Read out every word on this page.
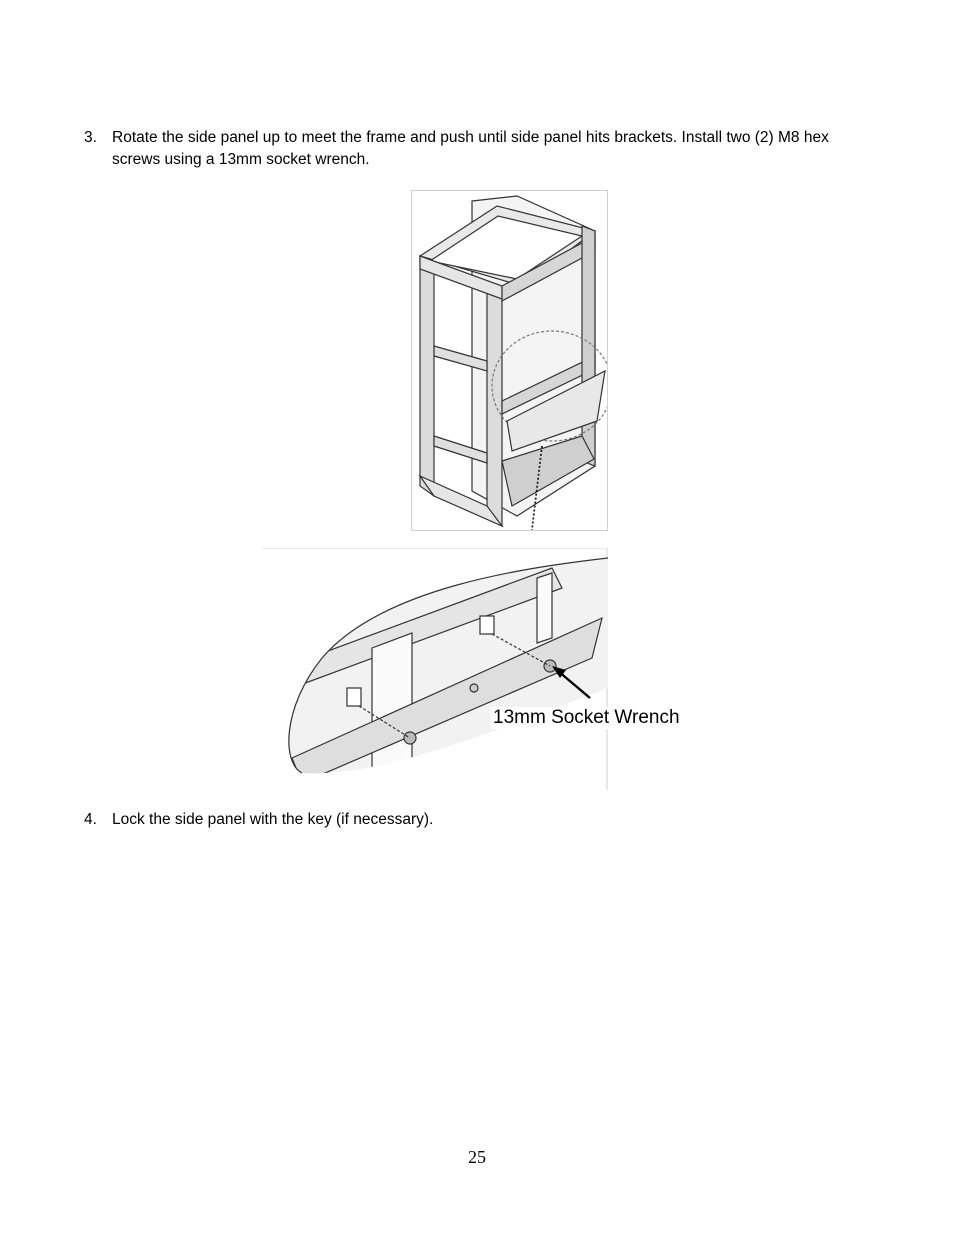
3. Rotate the side panel up to meet the frame and push until side panel hits brackets. Install two (2) M8 hex screws using a 13mm socket wrench.
13mm Socket Wrench
4. Lock the side panel with the key (if necessary).
25
